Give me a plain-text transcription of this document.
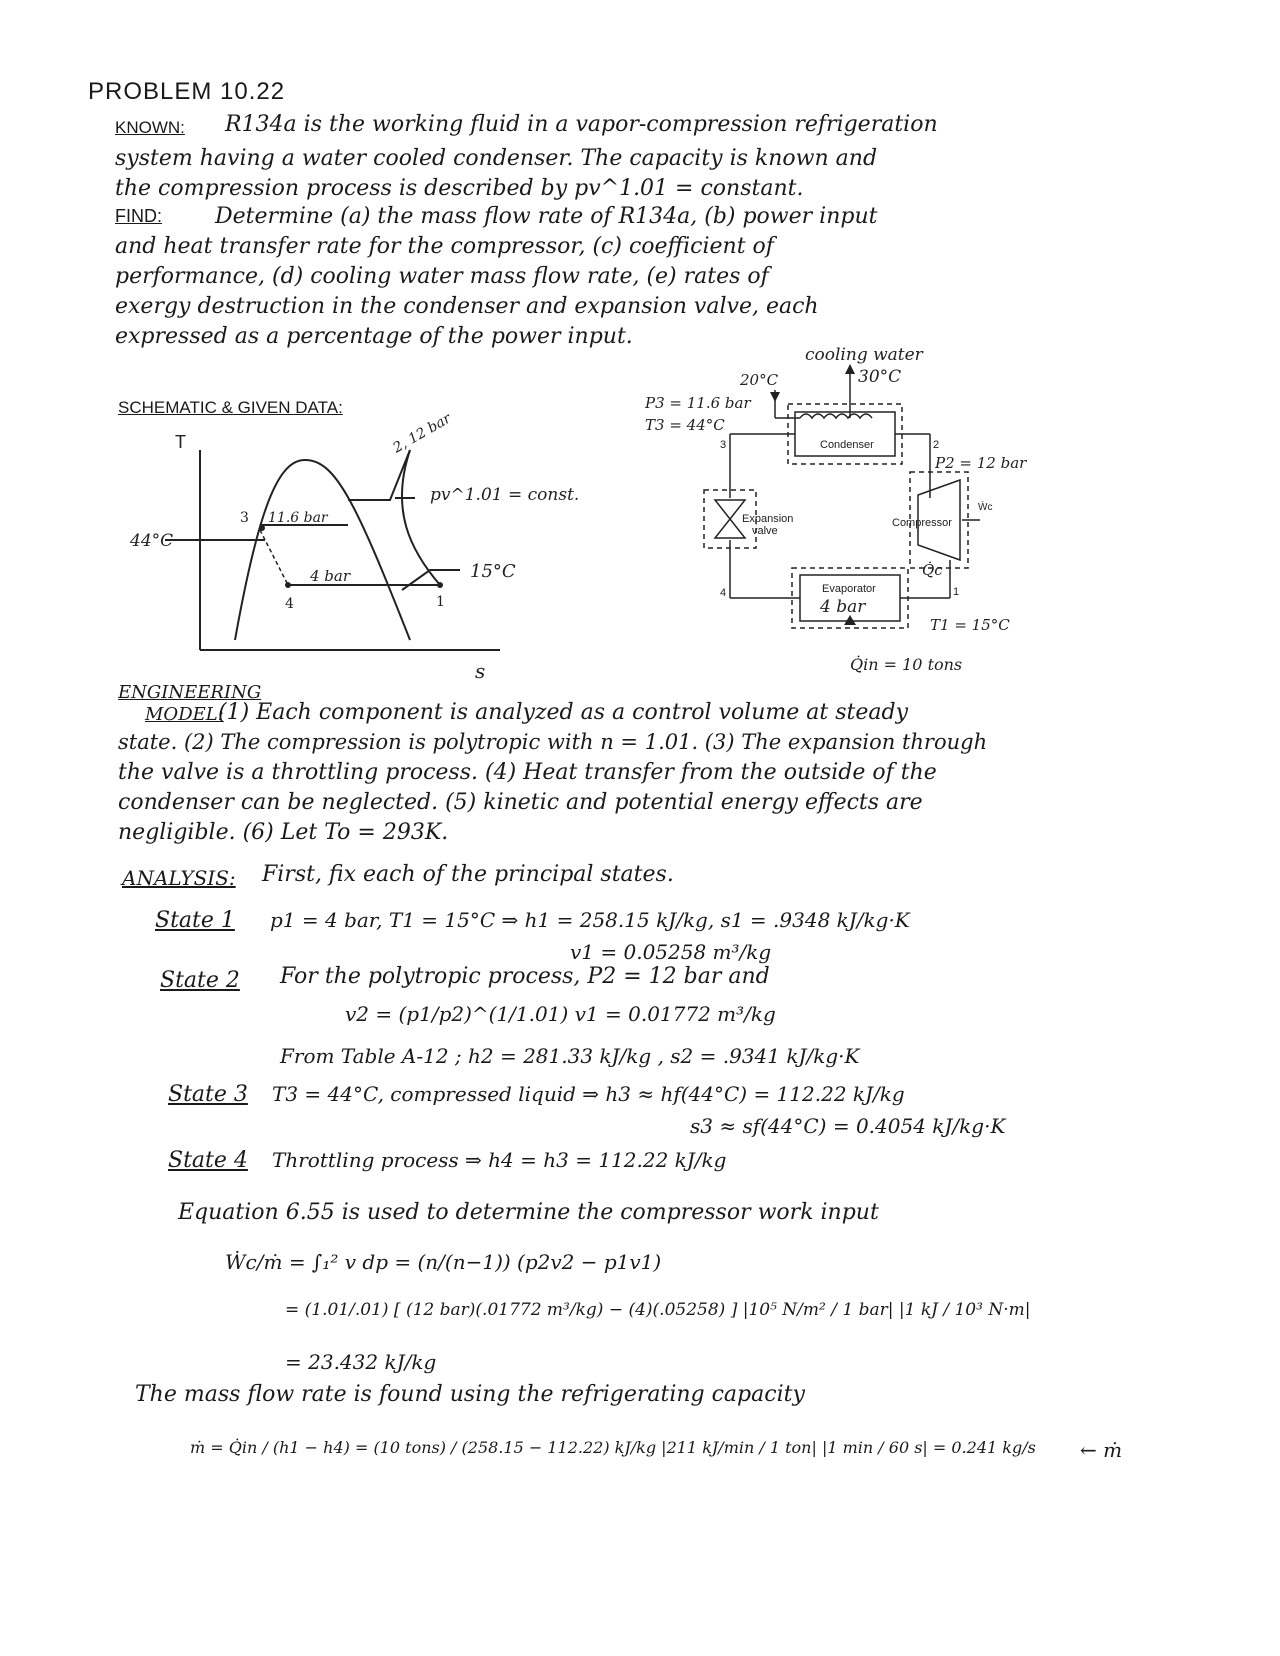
PROBLEM 10.22
KNOWN: R134a is the working fluid in a vapor-compression refrigeration
system having a water cooled condenser. The capacity is known and
the compression process is described by pv^1.01 = constant.
FIND: Determine (a) the mass flow rate of R134a, (b) power input
and heat transfer rate for the compressor, (c) coefficient of
performance, (d) cooling water mass flow rate, (e) rates of
exergy destruction in the condenser and expansion valve, each
expressed as a percentage of the power input.
SCHEMATIC & GIVEN DATA:
T
s
44°C
2, 12 bar
11.6 bar
4 bar	15°C
pv^1.01 = const.
1
3
4
cooling water
20°C	30°C
P3 = 11.6 bar
T3 = 44°C
Condenser
P2 = 12 bar
Expansion
valve
Compressor
Ẇc
Q̇c
Evaporator
4 bar
T1 = 15°C
Q̇in = 10 tons
1
2
3
4
ENGINEERING
MODEL:
(1) Each component is analyzed as a control volume at steady
state. (2) The compression is polytropic with n = 1.01. (3) The expansion through
the valve is a throttling process. (4) Heat transfer from the outside of the
condenser can be neglected. (5) kinetic and potential energy effects are
negligible. (6) Let To = 293K.
ANALYSIS: First, fix each of the principal states.
State 1 p1 = 4 bar, T1 = 15°C ⇒ h1 = 258.15 kJ/kg, s1 = .9348 kJ/kg·K
v1 = 0.05258 m³/kg
State 2 For the polytropic process, P2 = 12 bar and
v2 = (p1/p2)^(1/1.01) v1 = 0.01772 m³/kg
From Table A-12 ; h2 = 281.33 kJ/kg , s2 = .9341 kJ/kg·K
State 3 T3 = 44°C, compressed liquid ⇒ h3 ≈ hf(44°C) = 112.22 kJ/kg
s3 ≈ sf(44°C) = 0.4054 kJ/kg·K
State 4 Throttling process ⇒ h4 = h3 = 112.22 kJ/kg
Equation 6.55 is used to determine the compressor work input
Ẇc/ṁ = ∫₁² v dp = (n/(n−1)) (p2v2 − p1v1)
= (1.01/.01) [ (12 bar)(.01772 m³/kg) − (4)(.05258) ] |10⁵ N/m² / 1 bar| |1 kJ / 10³ N·m|
= 23.432 kJ/kg
The mass flow rate is found using the refrigerating capacity
ṁ = Q̇in / (h1 − h4) = (10 tons) / (258.15 − 112.22) kJ/kg |211 kJ/min / 1 ton| |1 min / 60 s| = 0.241 kg/s ← ṁ
